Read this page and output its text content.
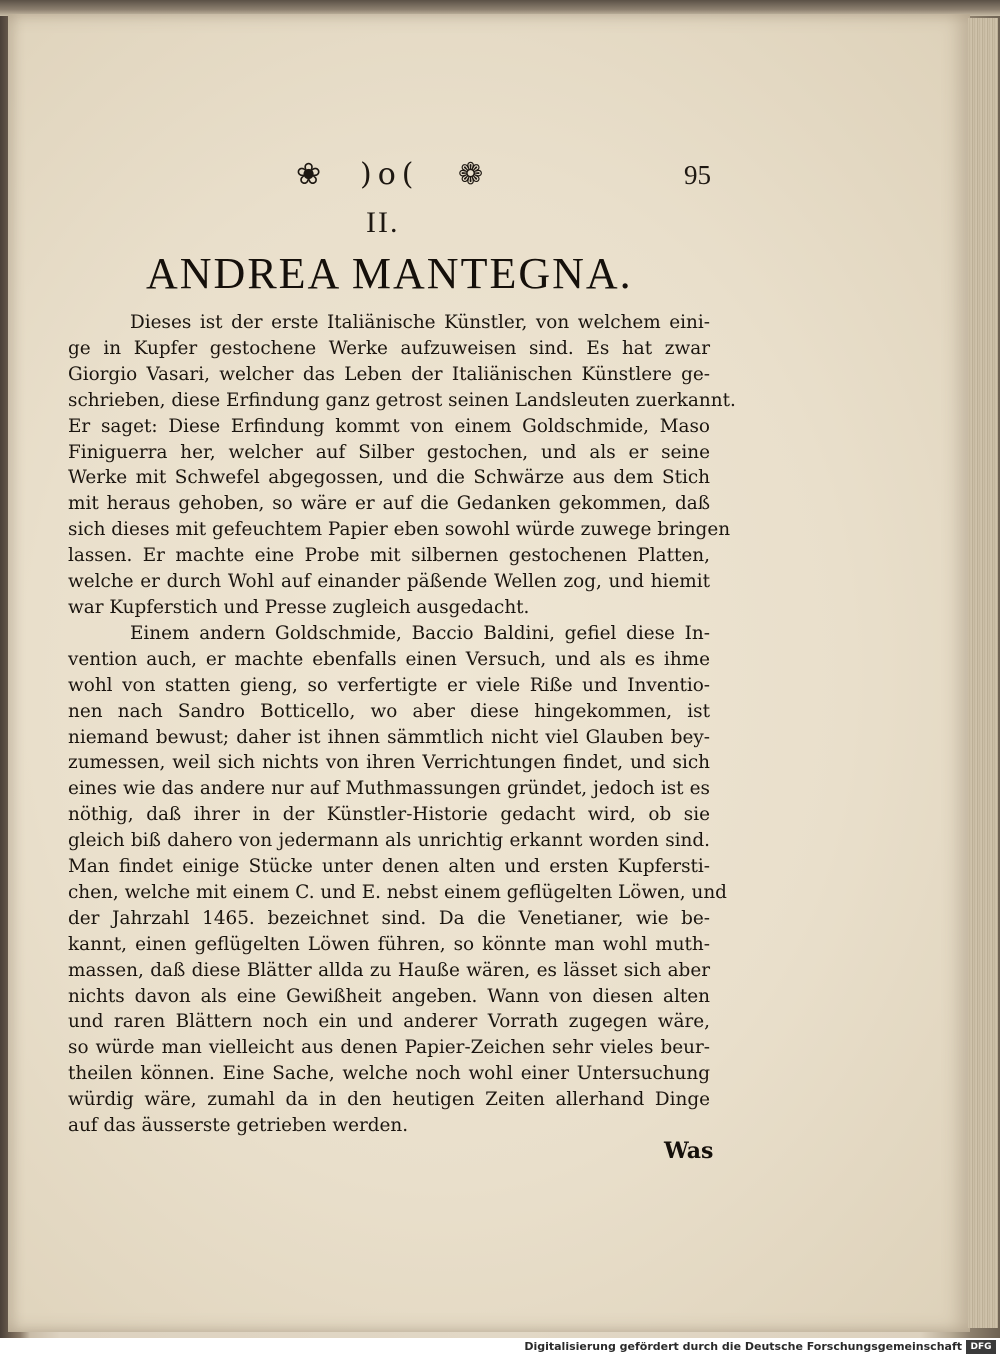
❀ )o( ❁	95
II.
ANDREA MANTEGNA.
Dieses ist der erste Italiänische Künstler, von welchem eini-
ge in Kupfer gestochene Werke aufzuweisen sind. Es hat zwar
Giorgio Vasari, welcher das Leben der Italiänischen Künstlere ge-
schrieben, diese Erfindung ganz getrost seinen Landsleuten zuerkannt.
Er saget: Diese Erfindung kommt von einem Goldschmide, Maso
Finiguerra her, welcher auf Silber gestochen, und als er seine
Werke mit Schwefel abgegossen, und die Schwärze aus dem Stich
mit heraus gehoben, so wäre er auf die Gedanken gekommen, daß
sich dieses mit gefeuchtem Papier eben sowohl würde zuwege bringen
lassen. Er machte eine Probe mit silbernen gestochenen Platten,
welche er durch Wohl auf einander päßende Wellen zog, und hiemit
war Kupferstich und Presse zugleich ausgedacht.
Einem andern Goldschmide, Baccio Baldini, gefiel diese In-
vention auch, er machte ebenfalls einen Versuch, und als es ihme
wohl von statten gieng, so verfertigte er viele Riße und Inventio-
nen nach Sandro Botticello, wo aber diese hingekommen, ist
niemand bewust; daher ist ihnen sämmtlich nicht viel Glauben bey-
zumessen, weil sich nichts von ihren Verrichtungen findet, und sich
eines wie das andere nur auf Muthmassungen gründet, jedoch ist es
nöthig, daß ihrer in der Künstler-Historie gedacht wird, ob sie
gleich biß dahero von jedermann als unrichtig erkannt worden sind.
Man findet einige Stücke unter denen alten und ersten Kupfersti-
chen, welche mit einem C. und E. nebst einem geflügelten Löwen, und
der Jahrzahl 1465. bezeichnet sind. Da die Venetianer, wie be-
kannt, einen geflügelten Löwen führen, so könnte man wohl muth-
massen, daß diese Blätter allda zu Hauße wären, es lässet sich aber
nichts davon als eine Gewißheit angeben. Wann von diesen alten
und raren Blättern noch ein und anderer Vorrath zugegen wäre,
so würde man vielleicht aus denen Papier-Zeichen sehr vieles beur-
theilen können. Eine Sache, welche noch wohl einer Untersuchung
würdig wäre, zumahl da in den heutigen Zeiten allerhand Dinge
auf das äusserste getrieben werden.
Was
Digitalisierung gefördert durch die Deutsche Forschungsgemeinschaft DFG
